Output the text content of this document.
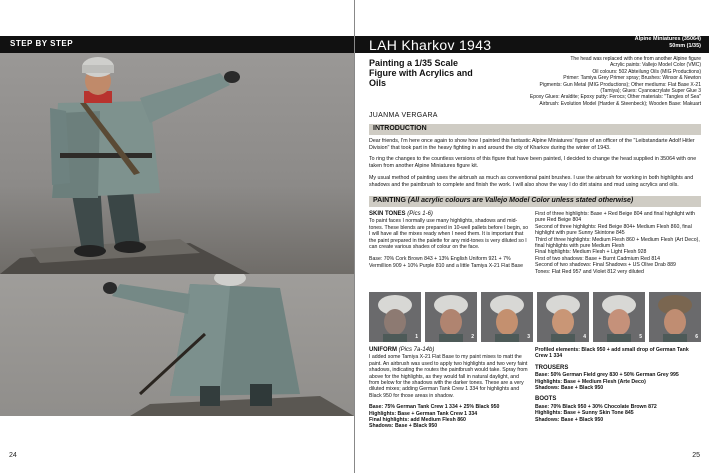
STEP BY STEP
24
LAH Kharkov 1943	Alpine Miniatures (35064)
50mm (1/35)
Painting a 1/35 Scale Figure with Acrylics and Oils
JUANMA VERGARA
The head was replaced with one from another Alpine figure
Acrylic paints: Vallejo Model Color (VMC)
Oil colours: 502 Abteilung Oils (MIG Productions)
Primer: Tamiya Grey Primer spray; Brushes: Winsor & Newton
Pigments: Gun Metal (MIG Productions); Other mediums: Flat Base X-21
(Tamiya); Glues: Cyanoacrylate Super Glue 3
Epoxy Glues: Araldite; Epoxy putty: Ferocs; Other materials: "Tangles of Sea"
Airbrush: Evolution Model (Harder & Steenbeck); Wooden Base: Makuart
INTRODUCTION
Dear friends, I'm here once again to show how I painted this fantastic Alpine Miniatures' figure of an officer of the "Leibstandarte Adolf Hitler Division" that took part in the heavy fighting in and around the city of Kharkov during the winter of 1943.
To ring the changes to the countless versions of this figure that have been painted, I decided to change the head supplied in 35064 with one taken from another Alpine Miniatures figure kit.
My usual method of painting uses the airbrush as much as conventional paint brushes. I use the airbrush for working in both highlights and shadows and the paintbrush to complete and finish the work. I will also show the way I do dirt stains and mud using acrylics and oils.
PAINTING (All acrylic colours are Vallejo Model Color unless stated otherwise)
SKIN TONES (Pics 1-6)
To paint faces I normally use many highlights, shadows and mid-tones. These blends are prepared in 10-well pallets before I begin, so I will have all the mixes ready when I need them. It is important that the paint prepared in the palette for any mid-tones is very diluted so I can create various shades of colour on the face.
Base: 70% Cork Brown 843 + 13% English Uniform 921 + 7% Vermillion 909 + 10% Purple 810 and a little Tamiya X-21 Flat Base
First of three highlights: Base + Red Beige 804 and final highlight with pure Red Beige 804
Second of three highlights: Red Beige 804+ Medium Flesh 860, final highlight with pure Sunny Skintone 845
Third of three highlights: Medium Flesh 860 + Medium Flesh (Art Deco), final highlights with pure Medium Flesh
Final highlights: Medium Flesh + Light Flesh 928
First of two shadows: Base + Burnt Cadmium Red 814
Second of two shadows: Final Shadows + US Olive Drab 889
Tones: Flat Red 957 and Violet 812 very diluted
1	2	3	4	5	6
UNIFORM (Pics 7a-14b)
I added some Tamiya X-21 Flat Base to my paint mixes to matt the paint. An airbrush was used to apply two highlights and two very faint shadows, indicating the routes the paintbrush would take. Spray from above for the highlights, as they would fall in natural daylight, and from below for the shadows with the darker tones. These are a very diluted mixes; adding German Tank Crew 1 334 for highlights and Black 950 for those areas in shadow.
Base: 75% German Tank Crew 1 334 + 25% Black 950
Highlights: Base + German Tank Crew 1 334
Final highlights: add Medium Flesh 860
Shadows: Base + Black 950
Profiled elements: Black 950 + add small drop of German Tank Crew 1 334
TROUSERS
Base: 50% German Field grey 830 + 50% German Grey 995
Highlights: Base + Medium Flesh (Arte Deco)
Shadows: Base + Black 950
BOOTS
Base: 70% Black 950 + 30% Chocolate Brown 872
Highlights: Base + Sunny Skin Tone 845
Shadows: Base + Black 950
25
